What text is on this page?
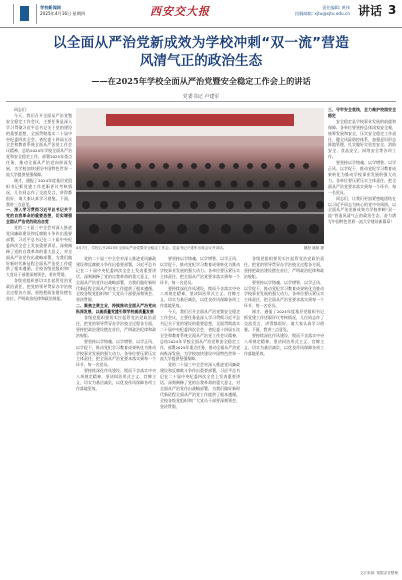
学校新闻网
2025年4月16日 星期四	西安交大报	责任编辑: 黄伟
投稿邮箱: xjtu@xjtu.edu.cn 讲话 3
以全面从严治党新成效为学校冲刺“双一流”营造
风清气正的政治生态
——在2025年学校全面从严治党暨安全稳定工作会上的讲话
党委书记 卢建军
4月7日，学校召开2025年全面从严治党暨安全稳定工作会。党委书记卢建军出席会议并讲话。	摄影 姚航 摄

同志们：

今天，我们召开全面从严治党暨安全稳定工作会议，主要任务是深入学习贯彻习近平总书记关于党的建设的重要思想，全面贯彻落实二十届中央纪委四次全会、省纪委十四届五次全会和教育系统全面从严治党工作会议精神，总结2024年学校全面从严治党和安全稳定工作，部署2025年重点任务，推动全面从严治党向纵深发展，为学校加快建设中国特色世界一流大学提供坚强保障。

刚才，通报了2024年度基层党组织书记抓党建工作述职评议考核情况，几位同志作了交流发言，讲得都很好，请大家认真学习借鉴。下面，我讲三点意见。

一、深入学习贯彻习近平总书记关于党的自我革命的重要思想，切实增强全面从严治党的政治自觉

党的二十届三中全会对深入推进党风廉政建设和反腐败斗争作出重要部署，习近平总书记在二十届中央纪委四次全会上发表重要讲话，深刻阐释了党的自我革命的重大意义，对全面从严治党作出战略部署，为我们做好新时代新征程全面从严治党工作提供了根本遵循。全校各级党组织和广大党员干部要深刻领会、坚决贯彻。

各级党组织要切实扛起管党治党政治责任，把党的领导贯穿办学治校全过程各方面，坚持把政治建设摆在首位，严明政治纪律和政治规矩。

党的二十届三中全会对深入推进党风廉政建设和反腐败斗争作出重要部署，习近平总书记在二十届中央纪委四次全会上发表重要讲话，深刻阐释了党的自我革命的重大意义，对全面从严治党作出战略部署，为我们做好新时代新征程全面从严治党工作提供了根本遵循。全校各级党组织和广大党员干部要深刻领会、坚决贯彻。

二、聚焦主责主业，持续推动全面从严治党向纵深发展，以高质量党建引领学校高质量发展

各级党组织要切实扛起管党治党政治责任，把党的领导贯穿办学治校全过程各方面，坚持把政治建设摆在首位，严明政治纪律和政治规矩。

要坚持以学铸魂、以学增智、以学正风、以学促干，推动党纪学习教育成果转化为推动学校事业发展的强大动力。各单位要压紧压实主体责任，把全面从严治党要求落实到每一个环节、每一名党员。

要持续深化作风建设，锲而不舍落实中央八项规定精神，坚决纠治形式主义、官僚主义，切实为基层减负，以优良作风保障各项工作落地见效。

要坚持以学铸魂、以学增智、以学正风、以学促干，推动党纪学习教育成果转化为推动学校事业发展的强大动力。各单位要压紧压实主体责任，把全面从严治党要求落实到每一个环节、每一名党员。

要持续深化作风建设，锲而不舍落实中央八项规定精神，坚决纠治形式主义、官僚主义，切实为基层减负，以优良作风保障各项工作落地见效。

今天，我们召开全面从严治党暨安全稳定工作会议，主要任务是深入学习贯彻习近平总书记关于党的建设的重要思想，全面贯彻落实二十届中央纪委四次全会、省纪委十四届五次全会和教育系统全面从严治党工作会议精神，总结2024年学校全面从严治党和安全稳定工作，部署2025年重点任务，推动全面从严治党向纵深发展，为学校加快建设中国特色世界一流大学提供坚强保障。

党的二十届三中全会对深入推进党风廉政建设和反腐败斗争作出重要部署，习近平总书记在二十届中央纪委四次全会上发表重要讲话，深刻阐释了党的自我革命的重大意义，对全面从严治党作出战略部署，为我们做好新时代新征程全面从严治党工作提供了根本遵循。全校各级党组织和广大党员干部要深刻领会、坚决贯彻。

各级党组织要切实扛起管党治党政治责任，把党的领导贯穿办学治校全过程各方面，坚持把政治建设摆在首位，严明政治纪律和政治规矩。

要坚持以学铸魂、以学增智、以学正风、以学促干，推动党纪学习教育成果转化为推动学校事业发展的强大动力。各单位要压紧压实主体责任，把全面从严治党要求落实到每一个环节、每一名党员。

刚才，通报了2024年度基层党组织书记抓党建工作述职评议考核情况，几位同志作了交流发言，讲得都很好，请大家认真学习借鉴。下面，我讲三点意见。

要持续深化作风建设，锲而不舍落实中央八项规定精神，坚决纠治形式主义、官僚主义，切实为基层减负，以优良作风保障各项工作落地见效。

三、守牢安全底线，全力维护校园安全稳定

安全稳定是学校事业发展的前提和保障。各单位要坚持总体国家安全观，统筹发展和安全，压实安全稳定工作责任，健全风险防控体系，加强意识形态阵地管理，扎实做好实验室安全、消防安全、食品安全、网络安全等各项工作。

要坚持以学铸魂、以学增智、以学正风、以学促干，推动党纪学习教育成果转化为推动学校事业发展的强大动力。各单位要压紧压实主体责任，把全面从严治党要求落实到每一个环节、每一名党员。

同志们，让我们更加紧密地团结在以习近平同志为核心的党中央周围，以全面从严治党新成效为学校冲刺“双一流”营造风清气正的政治生态，奋力谱写中国特色世界一流大学建设新篇章！

文字来源: 根据录音整理
